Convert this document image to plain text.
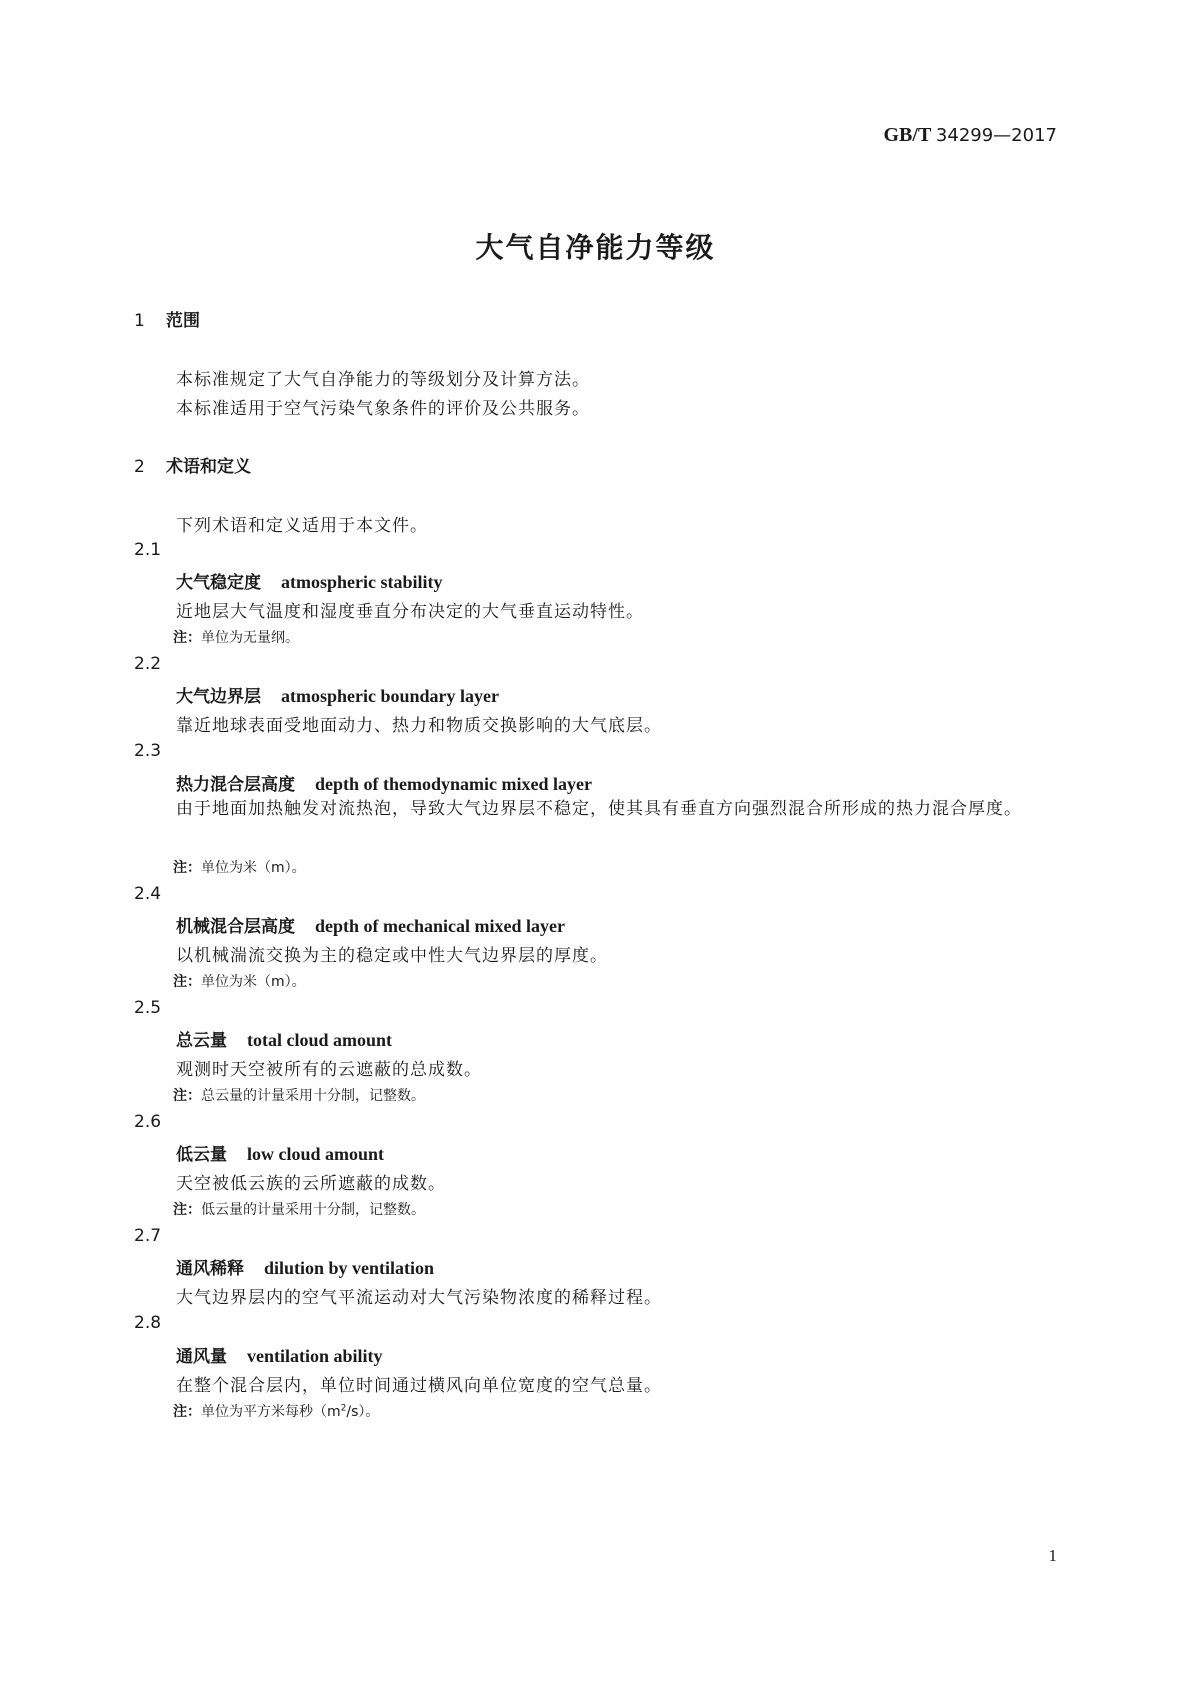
GB/T 34299—2017
大气自净能力等级
1 范围
本标准规定了大气自净能力的等级划分及计算方法。
本标准适用于空气污染气象条件的评价及公共服务。
2 术语和定义
下列术语和定义适用于本文件。
2.1
大气稳定度 atmospheric stability
近地层大气温度和湿度垂直分布决定的大气垂直运动特性。
注：单位为无量纲。
2.2
大气边界层 atmospheric boundary layer
靠近地球表面受地面动力、热力和物质交换影响的大气底层。
2.3
热力混合层高度 depth of themodynamic mixed layer
由于地面加热触发对流热泡，导致大气边界层不稳定，使其具有垂直方向强烈混合所形成的热力混合厚度。
注：单位为米（m）。
2.4
机械混合层高度 depth of mechanical mixed layer
以机械湍流交换为主的稳定或中性大气边界层的厚度。
注：单位为米（m）。
2.5
总云量 total cloud amount
观测时天空被所有的云遮蔽的总成数。
注：总云量的计量采用十分制，记整数。
2.6
低云量 low cloud amount
天空被低云族的云所遮蔽的成数。
注：低云量的计量采用十分制，记整数。
2.7
通风稀释 dilution by ventilation
大气边界层内的空气平流运动对大气污染物浓度的稀释过程。
2.8
通风量 ventilation ability
在整个混合层内，单位时间通过横风向单位宽度的空气总量。
注：单位为平方米每秒$(m^2/s)$。
1
